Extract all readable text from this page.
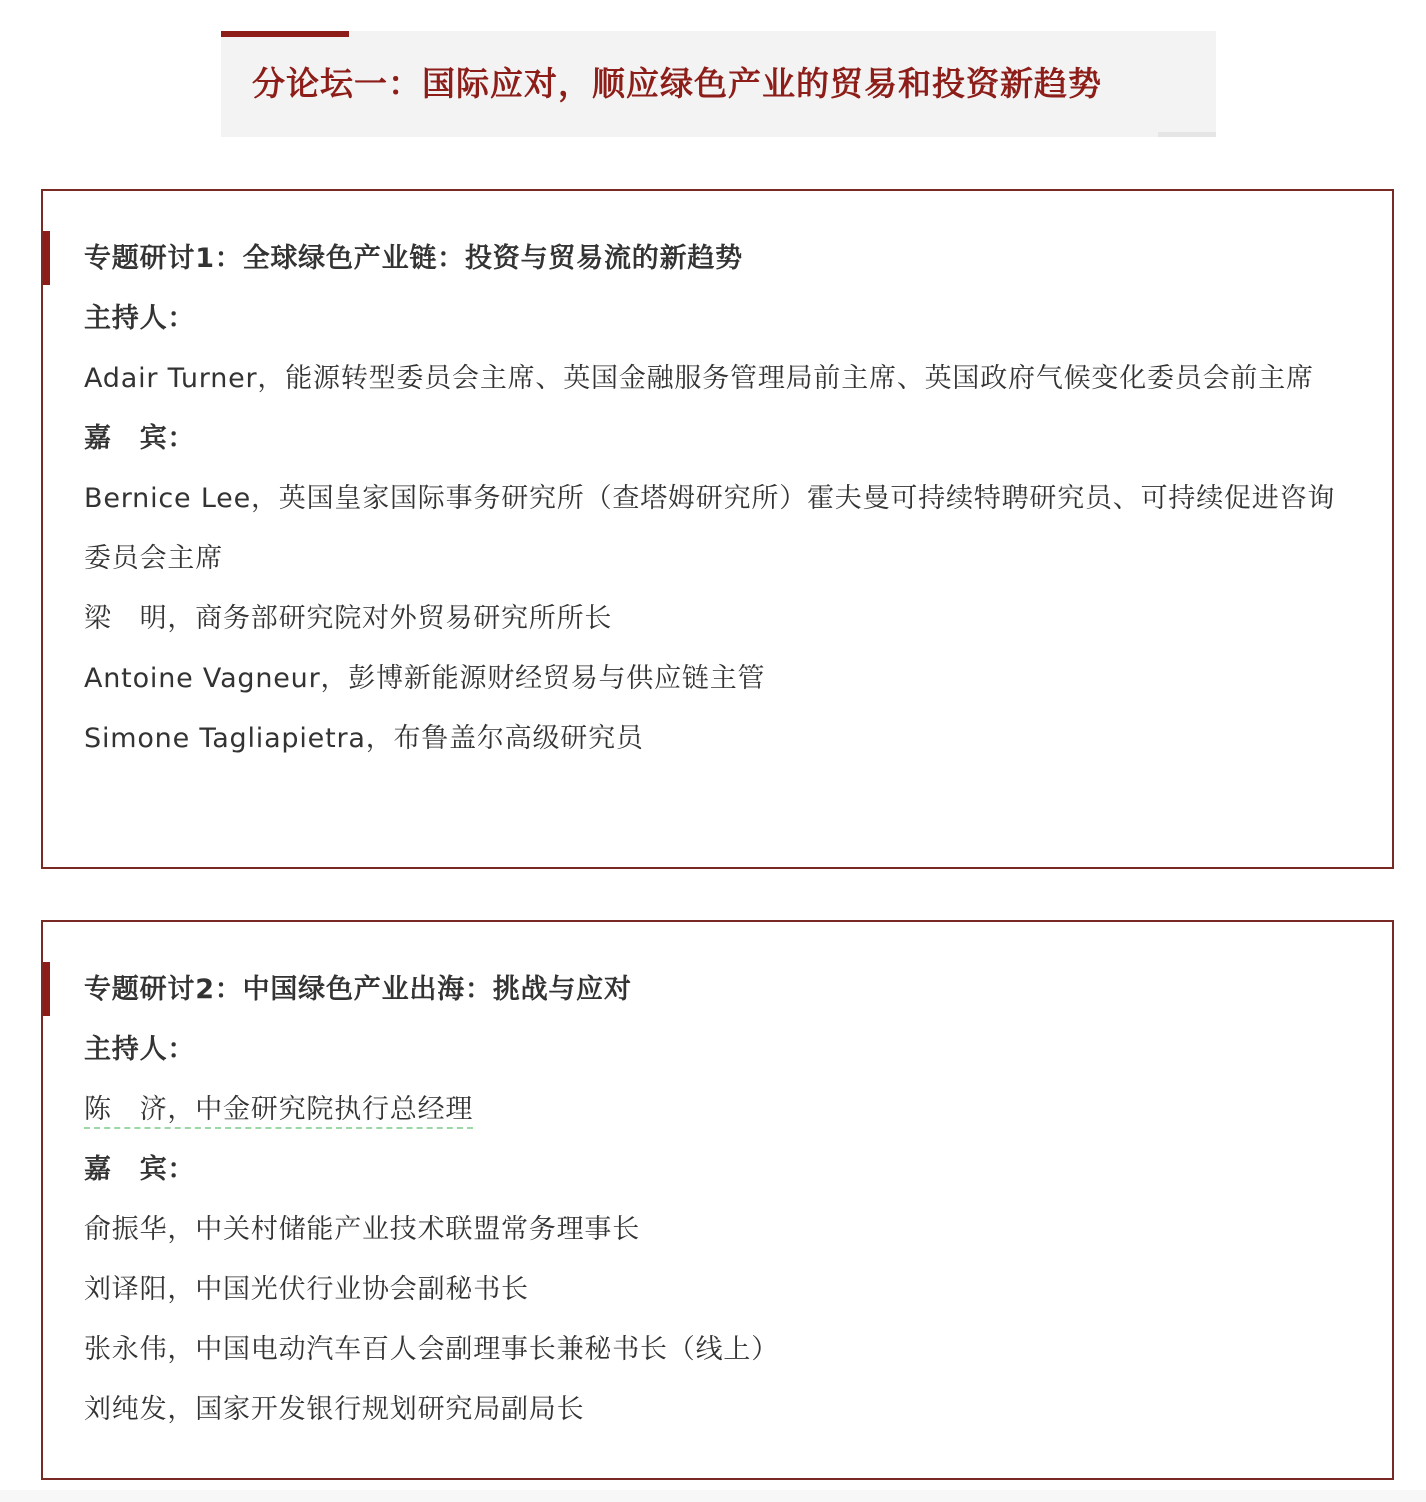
分论坛一：国际应对，顺应绿色产业的贸易和投资新趋势
专题研讨1：全球绿色产业链：投资与贸易流的新趋势
主持人：
Adair Turner，能源转型委员会主席、英国金融服务管理局前主席、英国政府气候变化委员会前主席
嘉　宾：
Bernice Lee，英国皇家国际事务研究所（查塔姆研究所）霍夫曼可持续特聘研究员、可持续促进咨询委员会主席
梁　明，商务部研究院对外贸易研究所所长
Antoine Vagneur，彭博新能源财经贸易与供应链主管
Simone Tagliapietra，布鲁盖尔高级研究员
专题研讨2：中国绿色产业出海：挑战与应对
主持人：
陈　济，中金研究院执行总经理
嘉　宾：
俞振华，中关村储能产业技术联盟常务理事长
刘译阳，中国光伏行业协会副秘书长
张永伟，中国电动汽车百人会副理事长兼秘书长（线上）
刘纯发，国家开发银行规划研究局副局长
